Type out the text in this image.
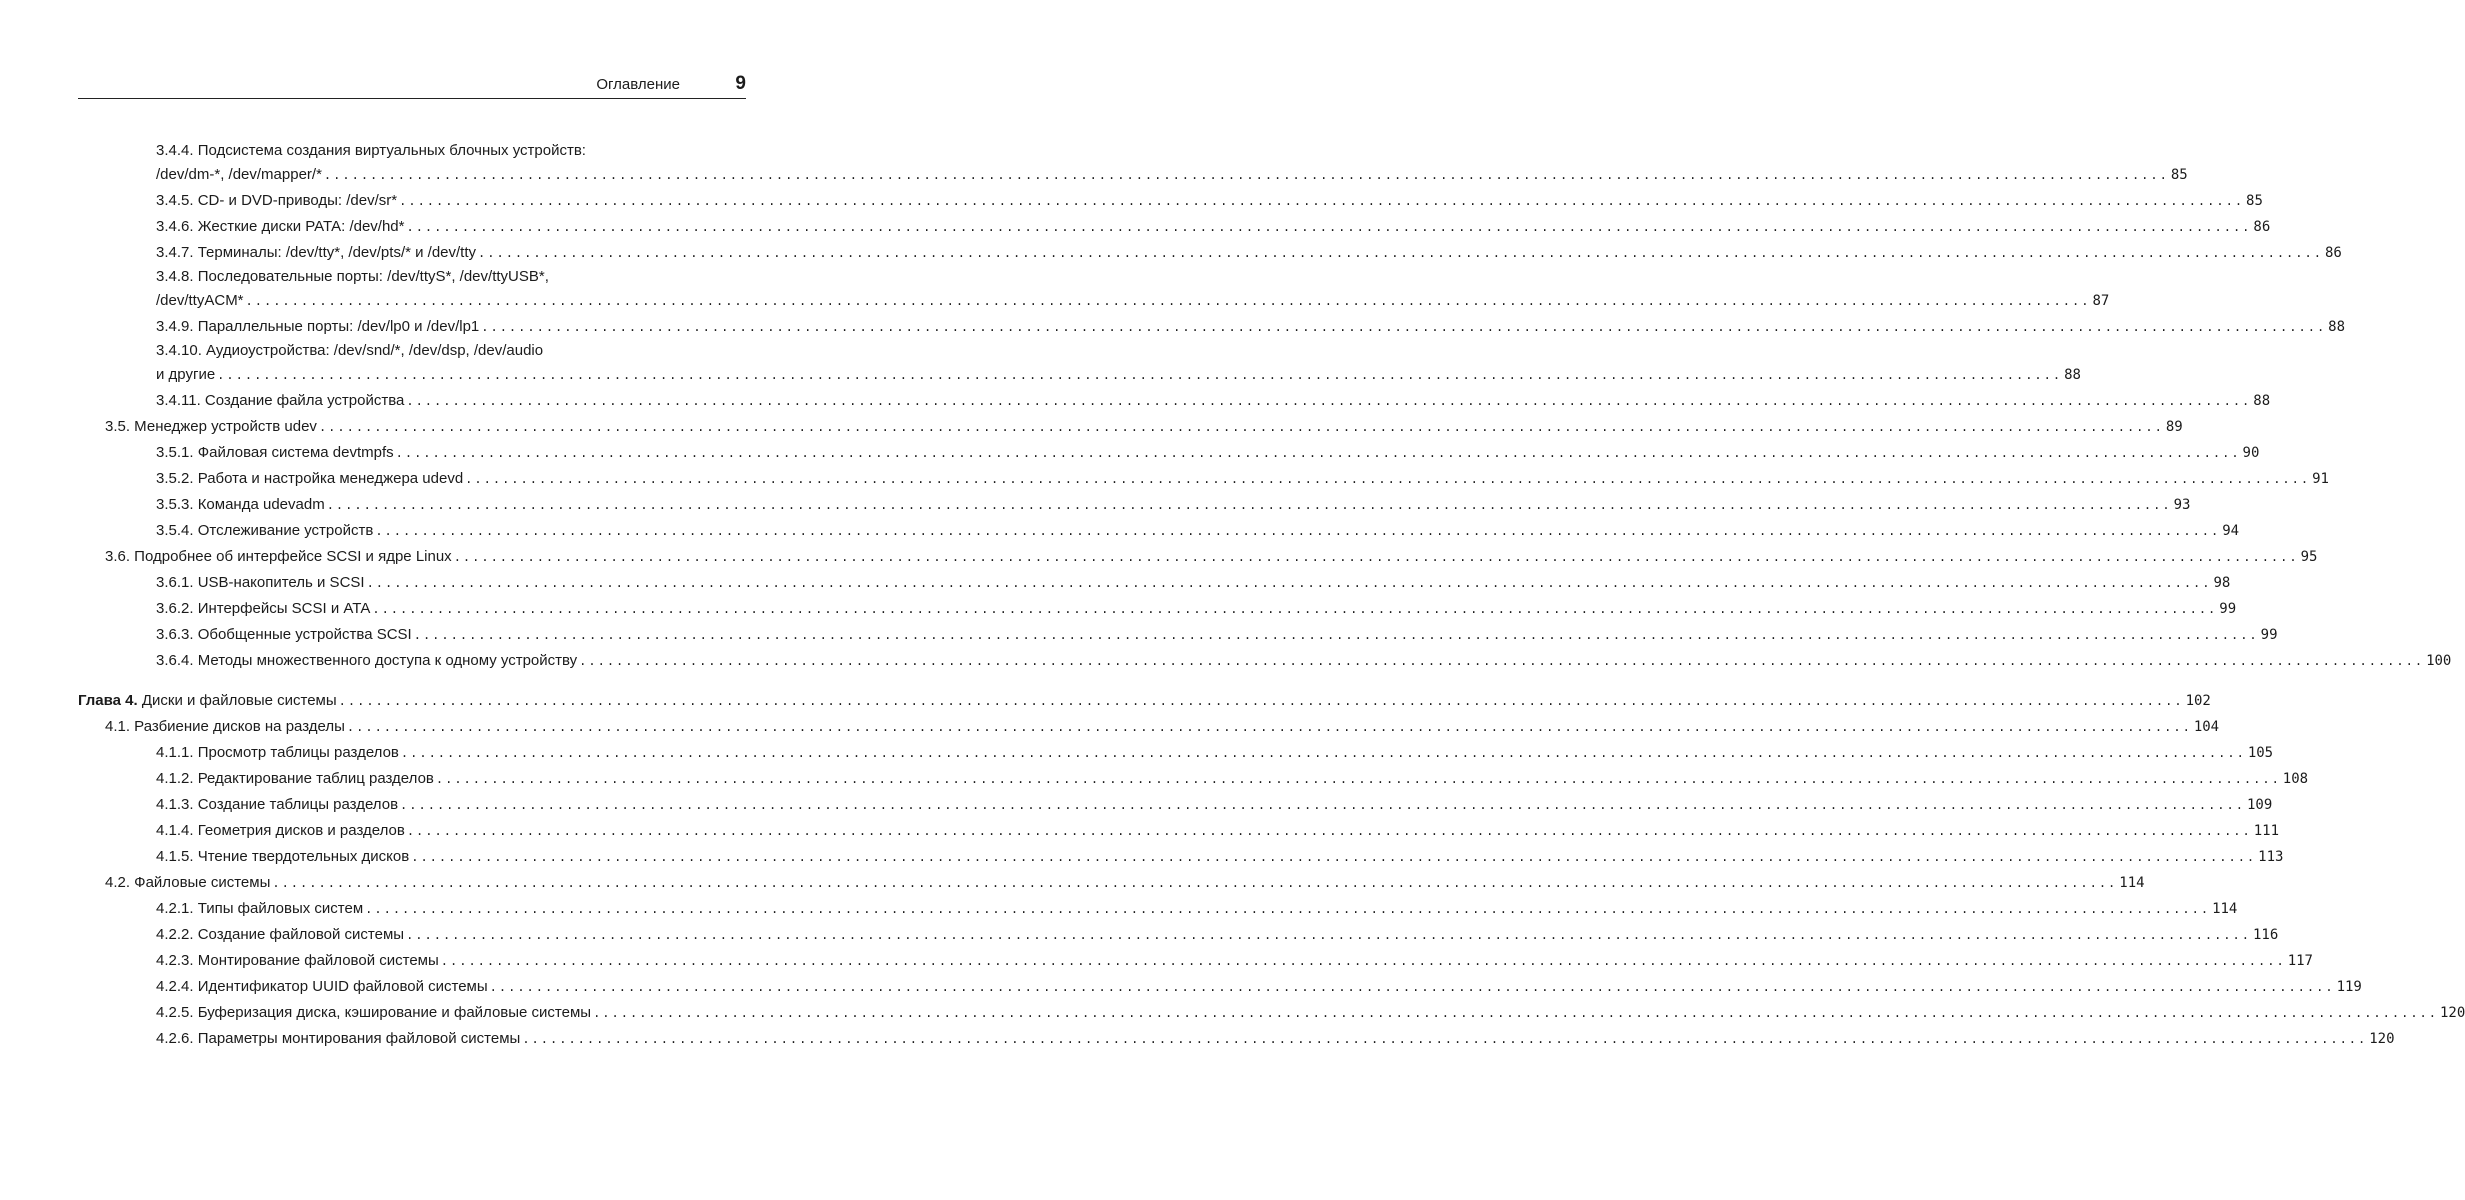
Оглавление	9
3.4.4. Подсистема создания виртуальных блочных устройств:
/dev/dm-*, /dev/mapper/* ........................................................................................................................................................................................................ 85
3.4.5. CD- и DVD-приводы: /dev/sr* ........................................................................................................................................................................................................ 85
3.4.6. Жесткие диски PATA: /dev/hd* ........................................................................................................................................................................................................ 86
3.4.7. Терминалы: /dev/tty*, /dev/pts/* и /dev/tty ........................................................................................................................................................................................................ 86
3.4.8. Последовательные порты: /dev/ttyS*, /dev/ttyUSB*,
/dev/ttyACM* ........................................................................................................................................................................................................ 87
3.4.9. Параллельные порты: /dev/lp0 и /dev/lp1 ........................................................................................................................................................................................................ 88
3.4.10. Аудиоустройства: /dev/snd/*, /dev/dsp, /dev/audio
и другие ........................................................................................................................................................................................................ 88
3.4.11. Создание файла устройства ........................................................................................................................................................................................................ 88
3.5. Менеджер устройств udev ........................................................................................................................................................................................................ 89
3.5.1. Файловая система devtmpfs ........................................................................................................................................................................................................ 90
3.5.2. Работа и настройка менеджера udevd ........................................................................................................................................................................................................ 91
3.5.3. Команда udevadm ........................................................................................................................................................................................................ 93
3.5.4. Отслеживание устройств ........................................................................................................................................................................................................ 94
3.6. Подробнее об интерфейсе SCSI и ядре Linux ........................................................................................................................................................................................................ 95
3.6.1. USB-накопитель и SCSI ........................................................................................................................................................................................................ 98
3.6.2. Интерфейсы SCSI и ATA ........................................................................................................................................................................................................ 99
3.6.3. Обобщенные устройства SCSI ........................................................................................................................................................................................................ 99
3.6.4. Методы множественного доступа к одному устройству ........................................................................................................................................................................................................ 100
Глава 4.
Диски и файловые системы ........................................................................................................................................................................................................ 102
4.1. Разбиение дисков на разделы ........................................................................................................................................................................................................ 104
4.1.1. Просмотр таблицы разделов ........................................................................................................................................................................................................ 105
4.1.2. Редактирование таблиц разделов ........................................................................................................................................................................................................ 108
4.1.3. Создание таблицы разделов ........................................................................................................................................................................................................ 109
4.1.4. Геометрия дисков и разделов ........................................................................................................................................................................................................ 111
4.1.5. Чтение твердотельных дисков ........................................................................................................................................................................................................ 113
4.2. Файловые системы ........................................................................................................................................................................................................ 114
4.2.1. Типы файловых систем ........................................................................................................................................................................................................ 114
4.2.2. Создание файловой системы ........................................................................................................................................................................................................ 116
4.2.3. Монтирование файловой системы ........................................................................................................................................................................................................ 117
4.2.4. Идентификатор UUID файловой системы ........................................................................................................................................................................................................ 119
4.2.5. Буферизация диска, кэширование и файловые системы ........................................................................................................................................................................................................ 120
4.2.6. Параметры монтирования файловой системы ........................................................................................................................................................................................................ 120
